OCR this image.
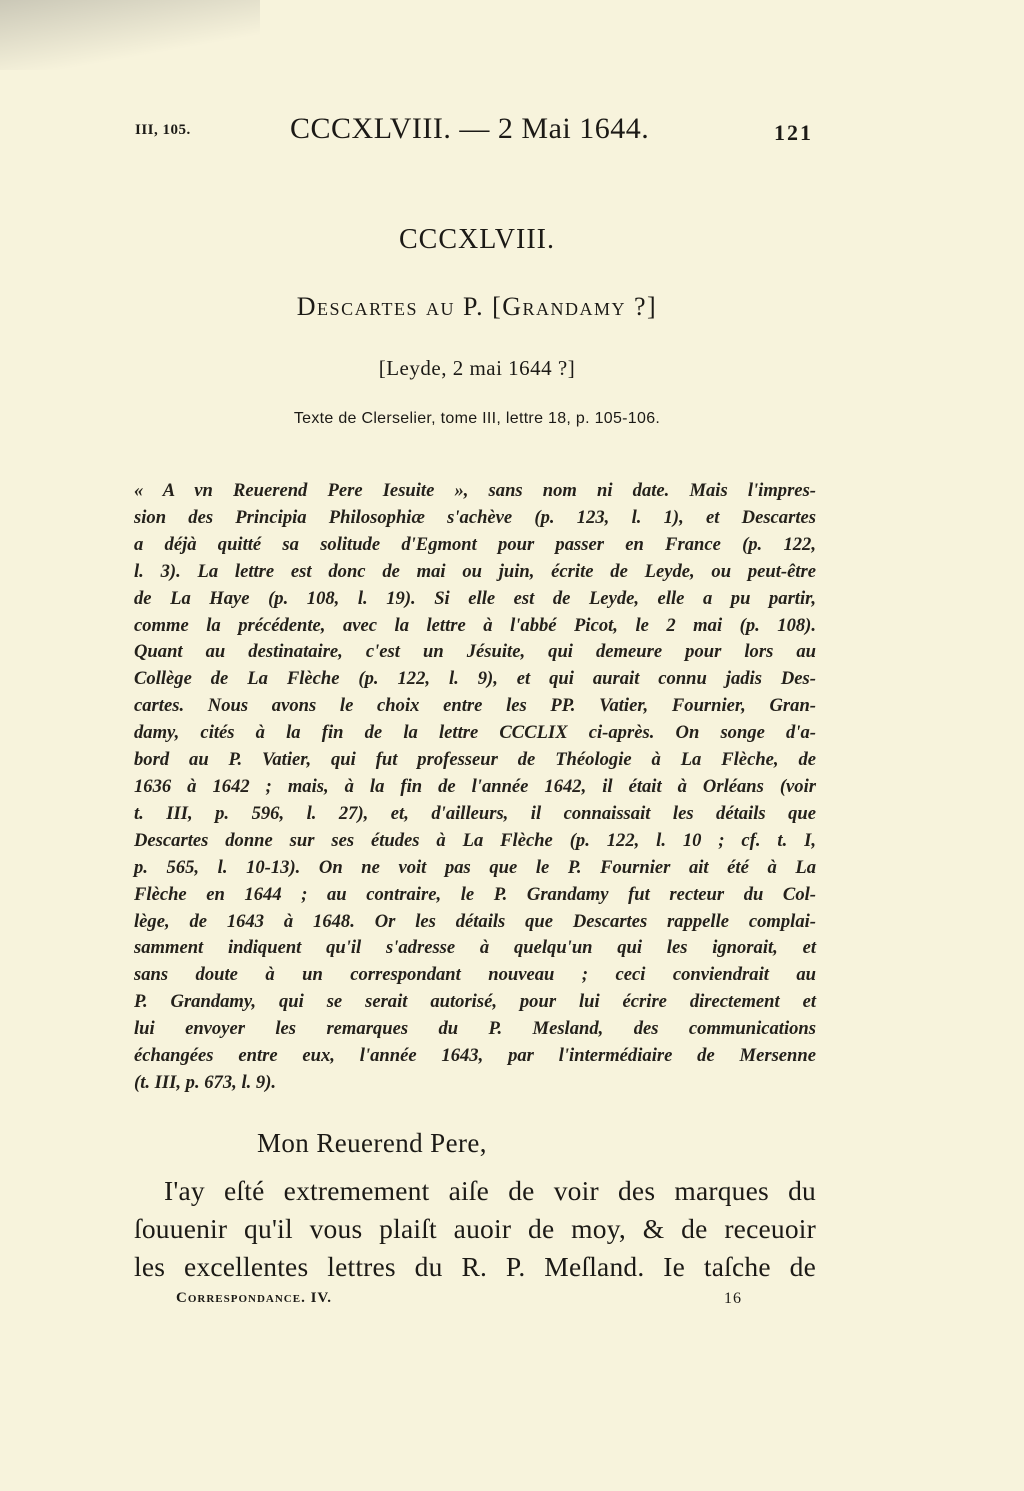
III, 105.	CCCXLVIII. — 2 Mai 1644.	121
CCCXLVIII.
Descartes au P. [Grandamy ?]
[Leyde, 2 mai 1644 ?]
Texte de Clerselier, tome III, lettre 18, p. 105-106.
« A vn Reuerend Pere Iesuite », sans nom ni date. Mais l'impres-
sion des Principia Philosophiæ s'achève (p. 123, l. 1), et Descartes
a déjà quitté sa solitude d'Egmont pour passer en France (p. 122,
l. 3). La lettre est donc de mai ou juin, écrite de Leyde, ou peut-être
de La Haye (p. 108, l. 19). Si elle est de Leyde, elle a pu partir,
comme la précédente, avec la lettre à l'abbé Picot, le 2 mai (p. 108).
Quant au destinataire, c'est un Jésuite, qui demeure pour lors au
Collège de La Flèche (p. 122, l. 9), et qui aurait connu jadis Des-
cartes. Nous avons le choix entre les PP. Vatier, Fournier, Gran-
damy, cités à la fin de la lettre CCCLIX ci-après. On songe d'a-
bord au P. Vatier, qui fut professeur de Théologie à La Flèche, de
1636 à 1642 ; mais, à la fin de l'année 1642, il était à Orléans (voir
t. III, p. 596, l. 27), et, d'ailleurs, il connaissait les détails que
Descartes donne sur ses études à La Flèche (p. 122, l. 10 ; cf. t. I,
p. 565, l. 10-13). On ne voit pas que le P. Fournier ait été à La
Flèche en 1644 ; au contraire, le P. Grandamy fut recteur du Col-
lège, de 1643 à 1648. Or les détails que Descartes rappelle complai-
samment indiquent qu'il s'adresse à quelqu'un qui les ignorait, et
sans doute à un correspondant nouveau ; ceci conviendrait au
P. Grandamy, qui se serait autorisé, pour lui écrire directement et
lui envoyer les remarques du P. Mesland, des communications
échangées entre eux, l'année 1643, par l'intermédiaire de Mersenne
(t. III, p. 673, l. 9).
Mon Reuerend Pere,
I'ay eſté extremement aiſe de voir des marques du
ſouuenir qu'il vous plaiſt auoir de moy, & de receuoir
les excellentes lettres du R. P. Meſland. Ie taſche de
Correspondance. IV.	16
